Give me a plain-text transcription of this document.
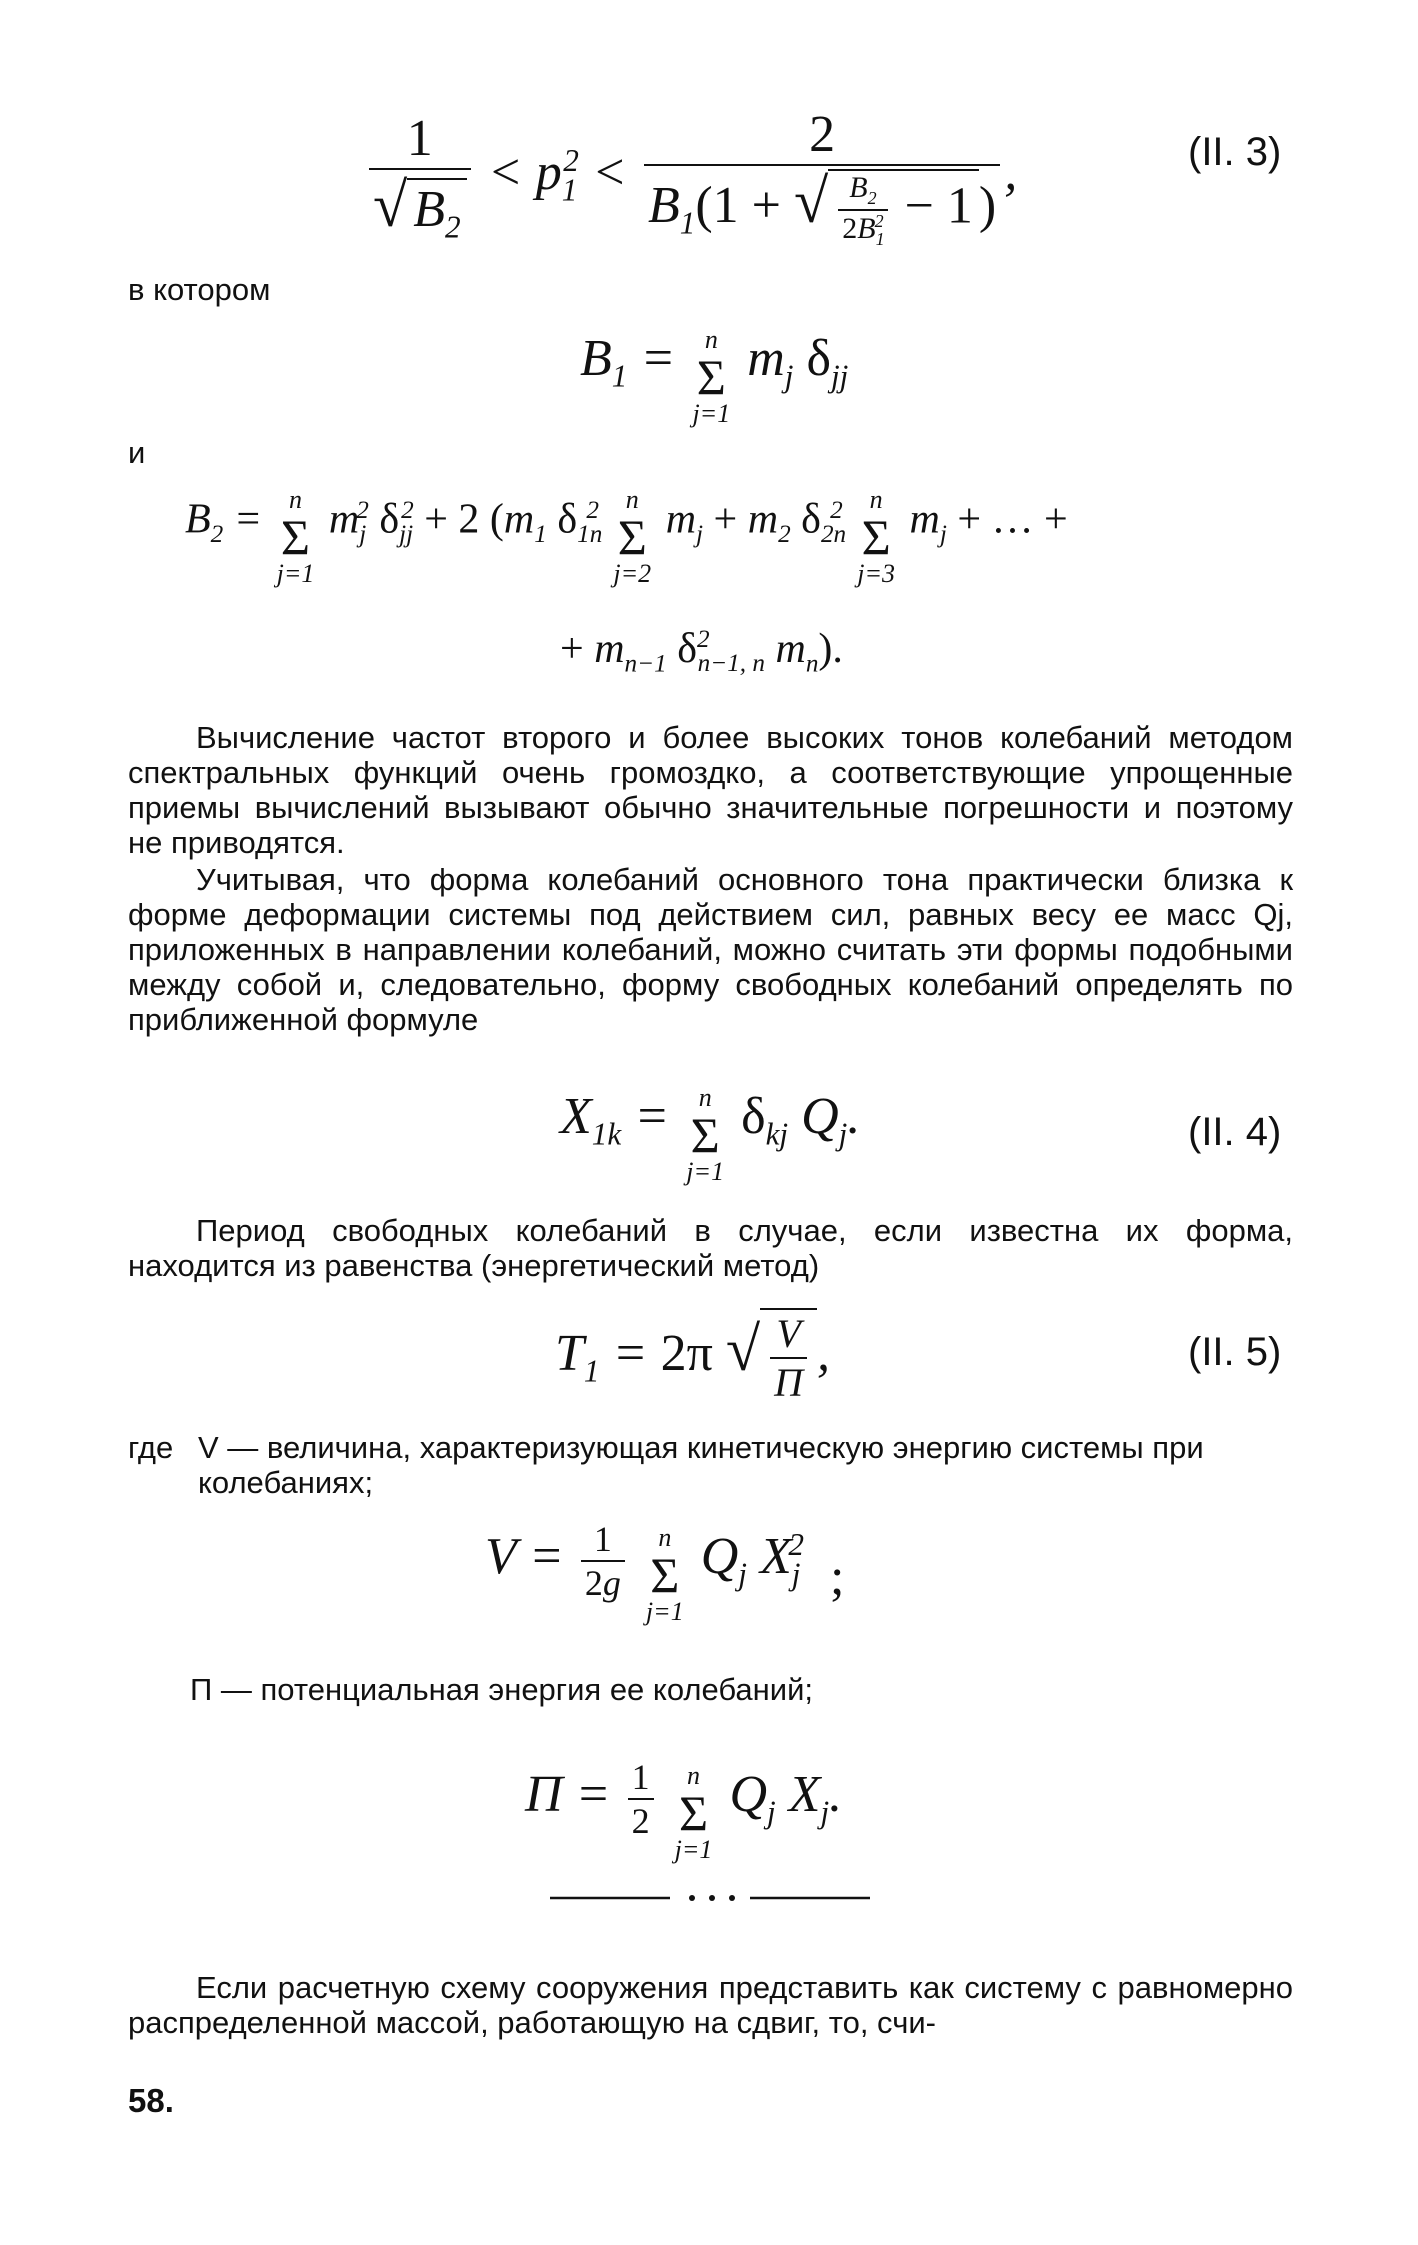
$\frac{1}{√ B_2} < p_1^2 < \frac{2}{B_1(1 + √ \frac{B_2}{2B_1^2} - 1 )}$ ,	(II. 3)
в котором
$B_1 = n$
Σ
j=1
$m_j$ $\delta_{jj}$
и
$B_2 = n$
Σ
j=1
$m_j^2$ $\delta_{jj}^2 + 2$ ($m_1$ $\delta_{1n}^2$	n
Σ
j=2
$m_j + m_2$ $\delta_{2n}^2$	n
Σ
j=3
$m_j$ + … +
+ $m_{n-1}$ $\delta^2_{n-1, n}$ $m_n$).
Вычисление частот второго и более высоких тонов колебаний методом спектральных функций очень громоздко, а соответствующие упрощенные приемы вычислений вызывают обычно значительные погрешности и поэтому не приводятся.
Учитывая, что форма колебаний основного тона практически близка к форме деформации системы под действием сил, равных весу ее масс Qj, приложенных в направлении колебаний, можно считать эти формы подобными между собой и, следовательно, форму свободных колебаний определять по приближенной формуле
$X_{1k} = n$
Σ
j=1
$\delta_{kj}$ $Q_j$.	(II. 4)
Период свободных колебаний в случае, если известна их форма, находится из равенства (энергетический метод)
$T_1 = 2\pi$ √ $\frac{V}{П}$ ,	(II. 5)
где V — величина, характеризующая кинетическую энергию системы при колебаниях;
$V = \frac{1}{2g}$
	n
Σ
j=1
$Q_j$ $X_j^2$
;
П — потенциальная энергия ее колебаний;
$П = \frac{1}{2}$
	n
Σ
j=1
$Q_j$ $X_j$.
Если расчетную схему сооружения представить как систему с равномерно распределенной массой, работающую на сдвиг, то, счи-
58.
